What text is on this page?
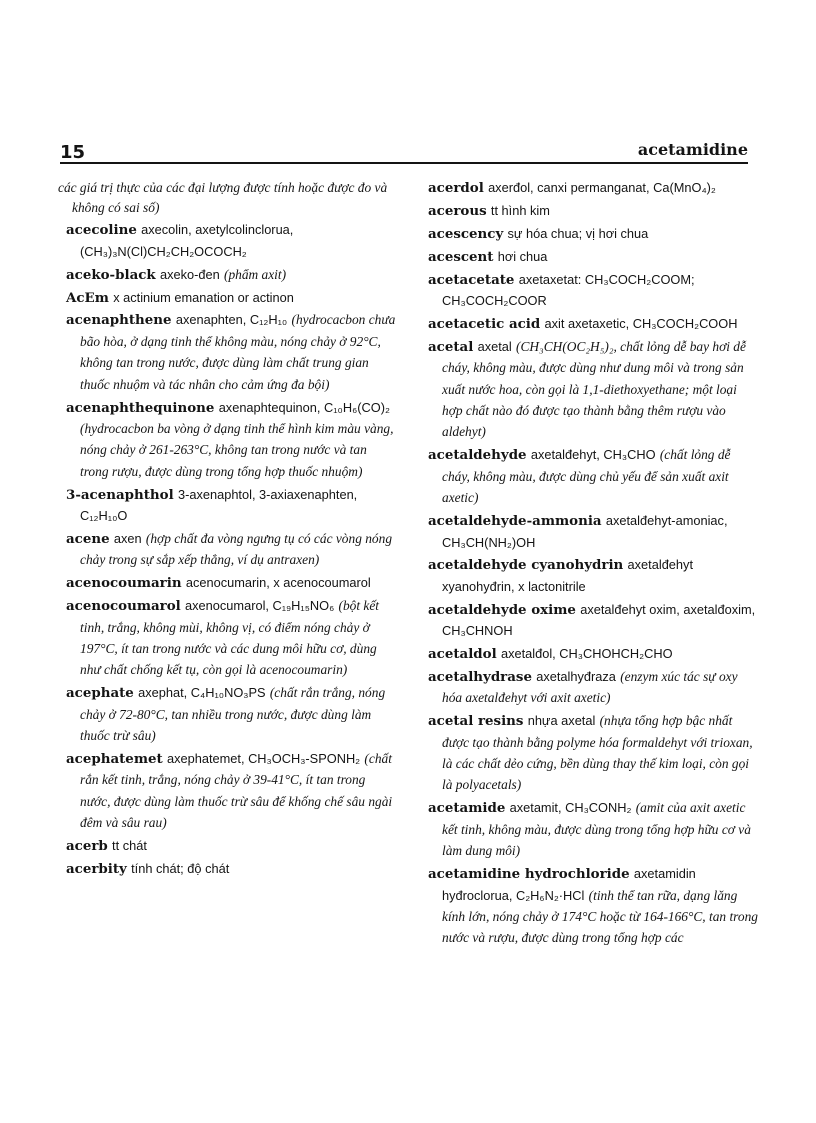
15	acetamidine

các giá trị thực của các đại lượng được tính hoặc được đo và không có sai số)

acecoline axecolin, axetylcolinclorua, (CH₃)₃N(Cl)CH₂CH₂OCOCH₂

aceko-black axeko-đen (phẩm axit)

AcEm x actinium emanation or actinon

acenaphthene axenaphten, C₁₂H₁₀ (hydrocacbon chưa bão hòa, ở dạng tinh thể không màu, nóng chảy ở 92°C, không tan trong nước, được dùng làm chất trung gian thuốc nhuộm và tác nhân cho cảm ứng đa bội)

acenaphthequinone axenaphtequinon, C₁₀H₆(CO)₂ (hydrocacbon ba vòng ở dạng tinh thể hình kim màu vàng, nóng chảy ở 261-263°C, không tan trong nước và tan trong rượu, được dùng trong tổng hợp thuốc nhuộm)

3-acenaphthol 3-axenaphtol, 3-axiaxenaphten, C₁₂H₁₀O

acene axen (hợp chất đa vòng ngưng tụ có các vòng nóng chảy trong sự sắp xếp thẳng, ví dụ antraxen)

acenocoumarin acenocumarin, x acenocoumarol

acenocoumarol axenocumarol, C₁₉H₁₅NO₆ (bột kết tinh, trắng, không mùi, không vị, có điểm nóng chảy ở 197°C, ít tan trong nước và các dung môi hữu cơ, dùng như chất chống kết tụ, còn gọi là acenocoumarin)

acephate axephat, C₄H₁₀NO₃PS (chất rắn trắng, nóng chảy ở 72-80°C, tan nhiều trong nước, được dùng làm thuốc trừ sâu)

acephatemet axephatemet, CH₃OCH₃-SPONH₂ (chất rắn kết tinh, trắng, nóng chảy ở 39-41°C, ít tan trong nước, được dùng làm thuốc trừ sâu để khống chế sâu ngài đêm và sâu rau)

acerb tt chát

acerbity tính chát; độ chát

acerdol axerđol, canxi permanganat, Ca(MnO₄)₂

acerous tt hình kim

acescency sự hóa chua; vị hơi chua

acescent hơi chua

acetacetate axetaxetat: CH₃COCH₂COOM; CH₃COCH₂COOR

acetacetic acid axit axetaxetic, CH₃COCH₂COOH

acetal axetal (CH₃CH(OC₂H₅)₂, chất lỏng dễ bay hơi dễ cháy, không màu, được dùng như dung môi và trong sản xuất nước hoa, còn gọi là 1,1-diethoxyethane; một loại hợp chất nào đó được tạo thành bằng thêm rượu vào aldehyt)

acetaldehyde axetalđehyt, CH₃CHO (chất lỏng dễ cháy, không màu, được dùng chủ yếu để sản xuất axit axetic)

acetaldehyde-ammonia axetalđehyt-amoniac, CH₃CH(NH₂)OH

acetaldehyde cyanohydrin axetalđehyt xyanohyđrin, x lactonitrile

acetaldehyde oxime axetalđehyt oxim, axetalđoxim, CH₃CHNOH

acetaldol axetalđol, CH₃CHOHCH₂CHO

acetalhydrase axetalhyđraza (enzym xúc tác sự oxy hóa axetalđehyt với axit axetic)

acetal resins nhựa axetal (nhựa tổng hợp bậc nhất được tạo thành bằng polyme hóa formaldehyt với trioxan, là các chất dẻo cứng, bền dùng thay thế kim loại, còn gọi là polyacetals)

acetamide axetamit, CH₃CONH₂ (amit của axit axetic kết tinh, không màu, được dùng trong tổng hợp hữu cơ và làm dung môi)

acetamidine hydrochloride axetamidin hyđroclorua, C₂H₆N₂·HCl (tinh thể tan rữa, dạng lăng kính lớn, nóng chảy ở 174°C hoặc từ 164-166°C, tan trong nước và rượu, được dùng trong tổng hợp các
